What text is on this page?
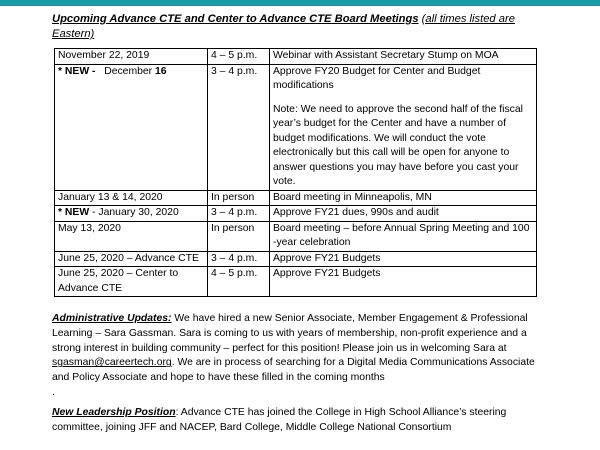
Upcoming Advance CTE and Center to Advance CTE Board Meetings (all times listed are Eastern)
November 22, 2019	4 – 5 p.m.	Webinar with Assistant Secretary Stump on MOA
* NEW - December 16	3 – 4 p.m.	Approve FY20 Budget for Center and Budget modifications
Note: We need to approve the second half of the fiscal year’s budget for the Center and have a number of budget modifications. We will conduct the vote electronically but this call will be open for anyone to answer questions you may have before you cast your vote.

January 13 & 14, 2020	In person	Board meeting in Minneapolis, MN
* NEW - January 30, 2020	3 – 4 p.m.	Approve FY21 dues, 990s and audit
May 13, 2020	In person	Board meeting – before Annual Spring Meeting and 100 -year celebration
June 25, 2020 – Advance CTE	3 – 4 p.m.	Approve FY21 Budgets
June 25, 2020 – Center to Advance CTE	4 – 5 p.m.	Approve FY21 Budgets

Administrative Updates: We have hired a new Senior Associate, Member Engagement & Professional Learning – Sara Gassman. Sara is coming to us with years of membership, non-profit experience and a strong interest in building community – perfect for this position! Please join us in welcoming Sara at sgasman@careertech.org. We are in process of searching for a Digital Media Communications Associate and Policy Associate and hope to have these filled in the coming months

.

New Leadership Position: Advance CTE has joined the College in High School Alliance’s steering committee, joining JFF and NACEP, Bard College, Middle College National Consortium
